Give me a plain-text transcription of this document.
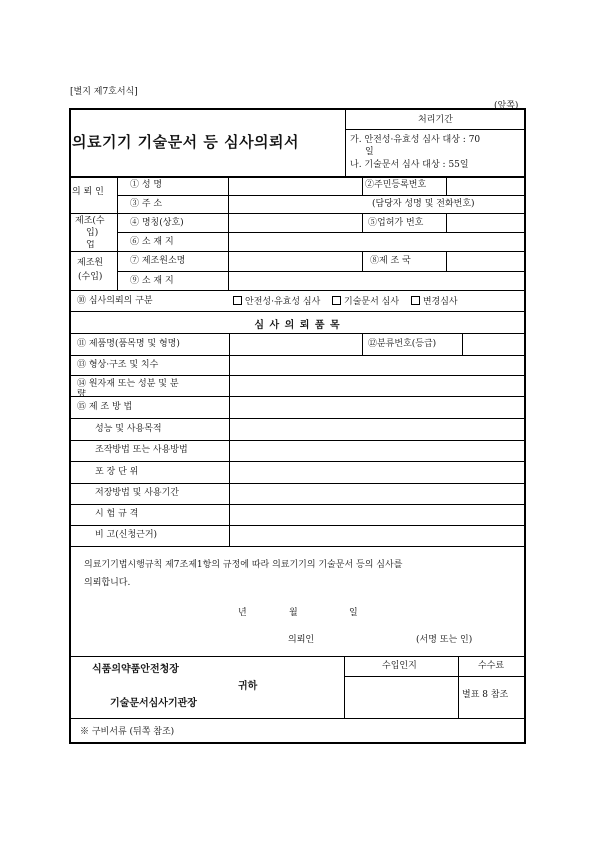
[별지 제7호서식]
(앞쪽)
의료기기 기술문서 등 심사의뢰서
처리기간
가. 안전성·유효성 심사 대상 : 70
일
나. 기술문서 심사 대상 : 55일
의 뢰 인
① 성 명	②주민등록번호
③ 주 소	(담당자 성명 및 전화번호)
제조(수
입)
업
④ 명칭(상호)	⑤업허가 번호
⑥ 소 재 지
제조원
(수입)
⑦ 제조원소명	⑧제 조 국
⑨ 소 재 지
⑩ 심사의뢰의 구분	안전성·유효성 심사	기술문서 심사	변경심사
심 사 의 뢰 품 목
⑪ 제품명(품목명 및 형명)	⑫분류번호(등급)
⑬ 형상·구조 및 치수
⑭ 원자재 또는 성분 및 분
량
⑮ 제 조 방 법
성능 및 사용목적
조작방법 또는 사용방법
포 장 단 위
저장방법 및 사용기간
시 험 규 격
비 고(신청근거)
의료기기법시행규칙 제7조제1항의 규정에 따라 의료기기의 기술문서 등의 심사를
의뢰합니다.
년	월	일
의뢰인	(서명 또는 인)
식품의약품안전청장
귀하
기술문서심사기관장
수입인지	수수료
별표 8 참조
※ 구비서류 (뒤쪽 참조)
